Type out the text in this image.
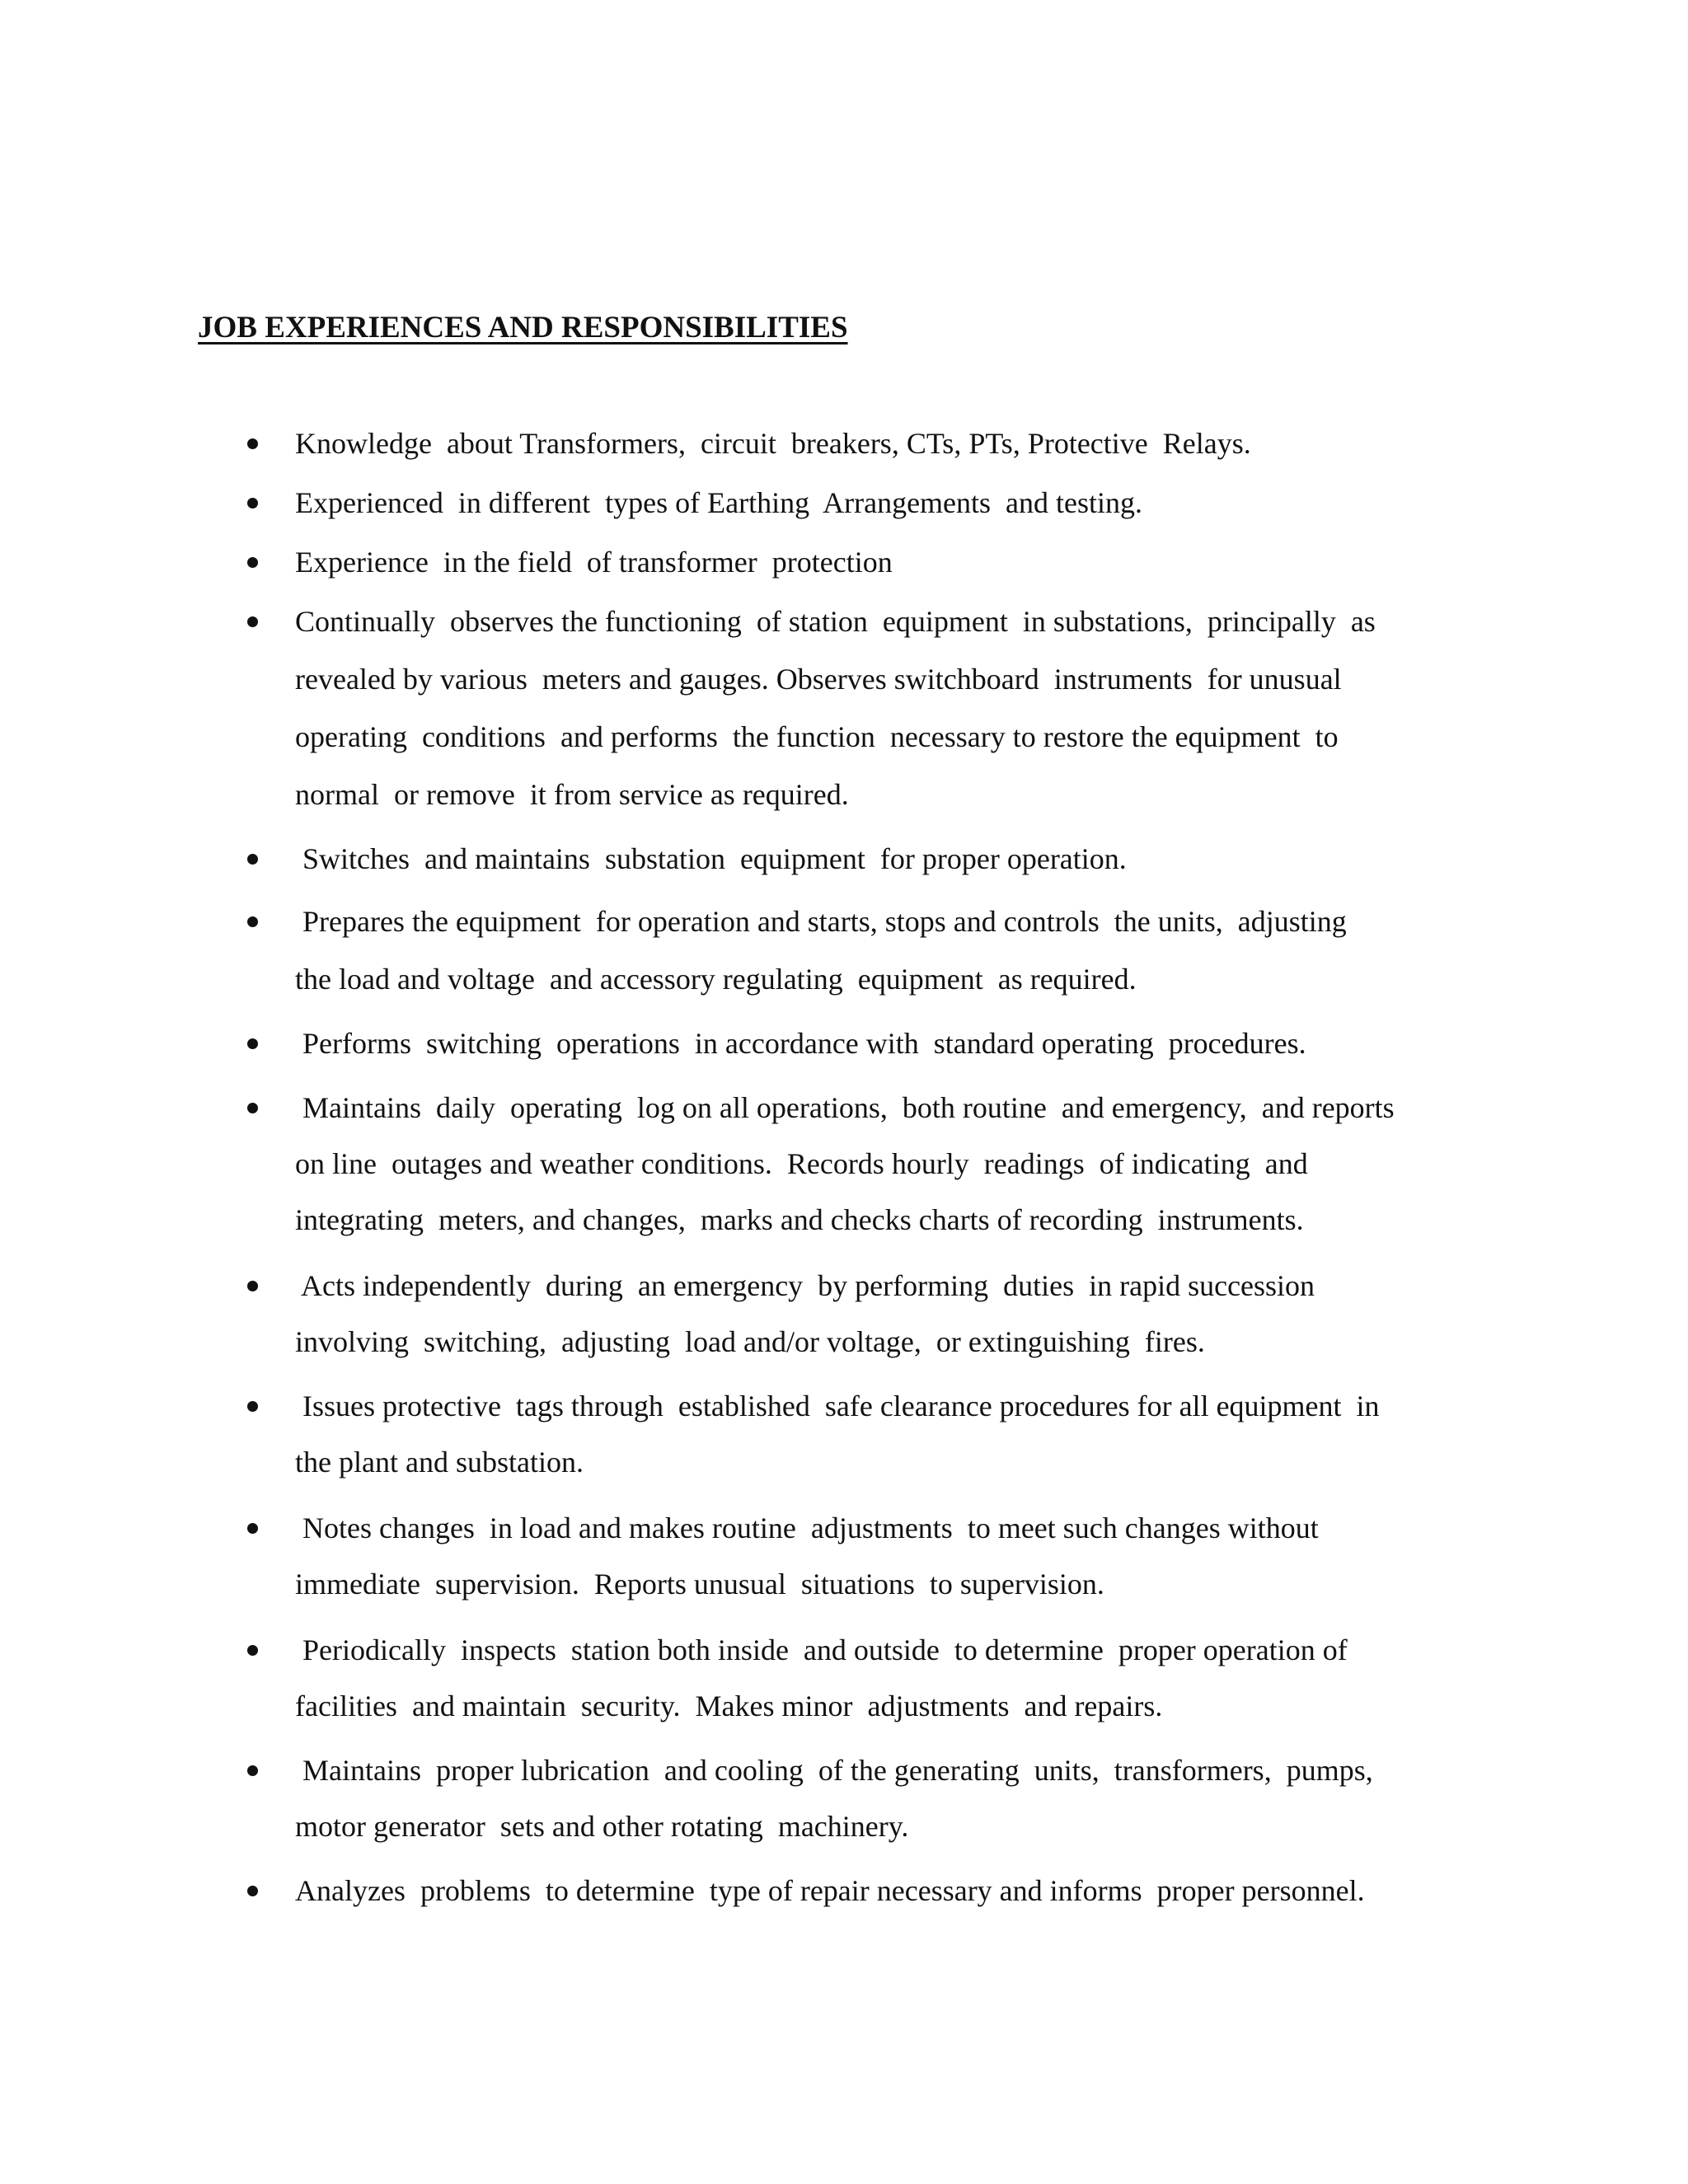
JOB EXPERIENCES AND RESPONSIBILITIES
Knowledge  about Transformers,  circuit  breakers, CTs, PTs, Protective  Relays.
Experienced  in different  types of Earthing  Arrangements  and testing.
Experience  in the field  of transformer  protection
Continually  observes the functioning  of station  equipment  in substations,  principally  as
revealed by various  meters and gauges. Observes switchboard  instruments  for unusual
operating  conditions  and performs  the function  necessary to restore the equipment  to
normal  or remove  it from service as required.
Switches  and maintains  substation  equipment  for proper operation.
Prepares the equipment  for operation and starts, stops and controls  the units,  adjusting
the load and voltage  and accessory regulating  equipment  as required.
Performs  switching  operations  in accordance with  standard operating  procedures.
Maintains  daily  operating  log on all operations,  both routine  and emergency,  and reports
on line  outages and weather conditions.  Records hourly  readings  of indicating  and
integrating  meters, and changes,  marks and checks charts of recording  instruments.
Acts independently  during  an emergency  by performing  duties  in rapid succession
involving  switching,  adjusting  load and/or voltage,  or extinguishing  fires.
Issues protective  tags through  established  safe clearance procedures for all equipment  in
the plant and substation.
Notes changes  in load and makes routine  adjustments  to meet such changes without
immediate  supervision.  Reports unusual  situations  to supervision.
Periodically  inspects  station both inside  and outside  to determine  proper operation of
facilities  and maintain  security.  Makes minor  adjustments  and repairs.
Maintains  proper lubrication  and cooling  of the generating  units,  transformers,  pumps,
motor generator  sets and other rotating  machinery.
Analyzes  problems  to determine  type of repair necessary and informs  proper personnel.
